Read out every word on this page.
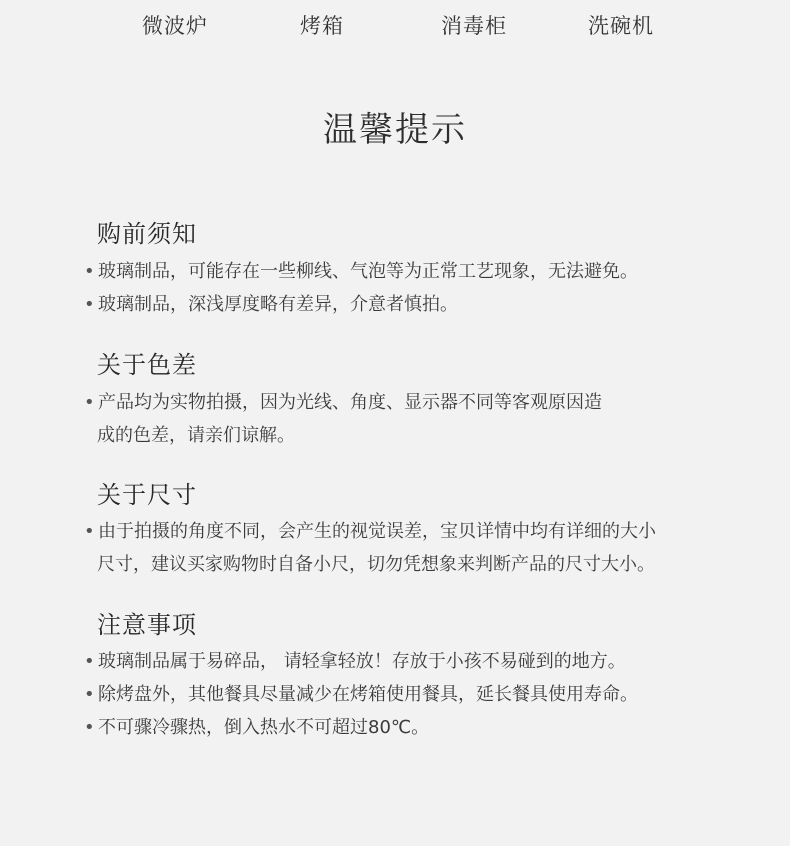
微波炉	烤箱	消毒柜	洗碗机
温馨提示
购前须知
• 玻璃制品，可能存在一些柳线、气泡等为正常工艺现象，无法避免。
• 玻璃制品，深浅厚度略有差异，介意者慎拍。
关于色差
• 产品均为实物拍摄，因为光线、角度、显示器不同等客观原因造
成的色差，请亲们谅解。
关于尺寸
• 由于拍摄的角度不同，会产生的视觉误差，宝贝详情中均有详细的大小
尺寸，建议买家购物时自备小尺，切勿凭想象来判断产品的尺寸大小。
注意事项
• 玻璃制品属于易碎品， 请轻拿轻放！存放于小孩不易碰到的地方。
• 除烤盘外，其他餐具尽量减少在烤箱使用餐具，延长餐具使用寿命。
• 不可骤冷骤热，倒入热水不可超过80℃。
